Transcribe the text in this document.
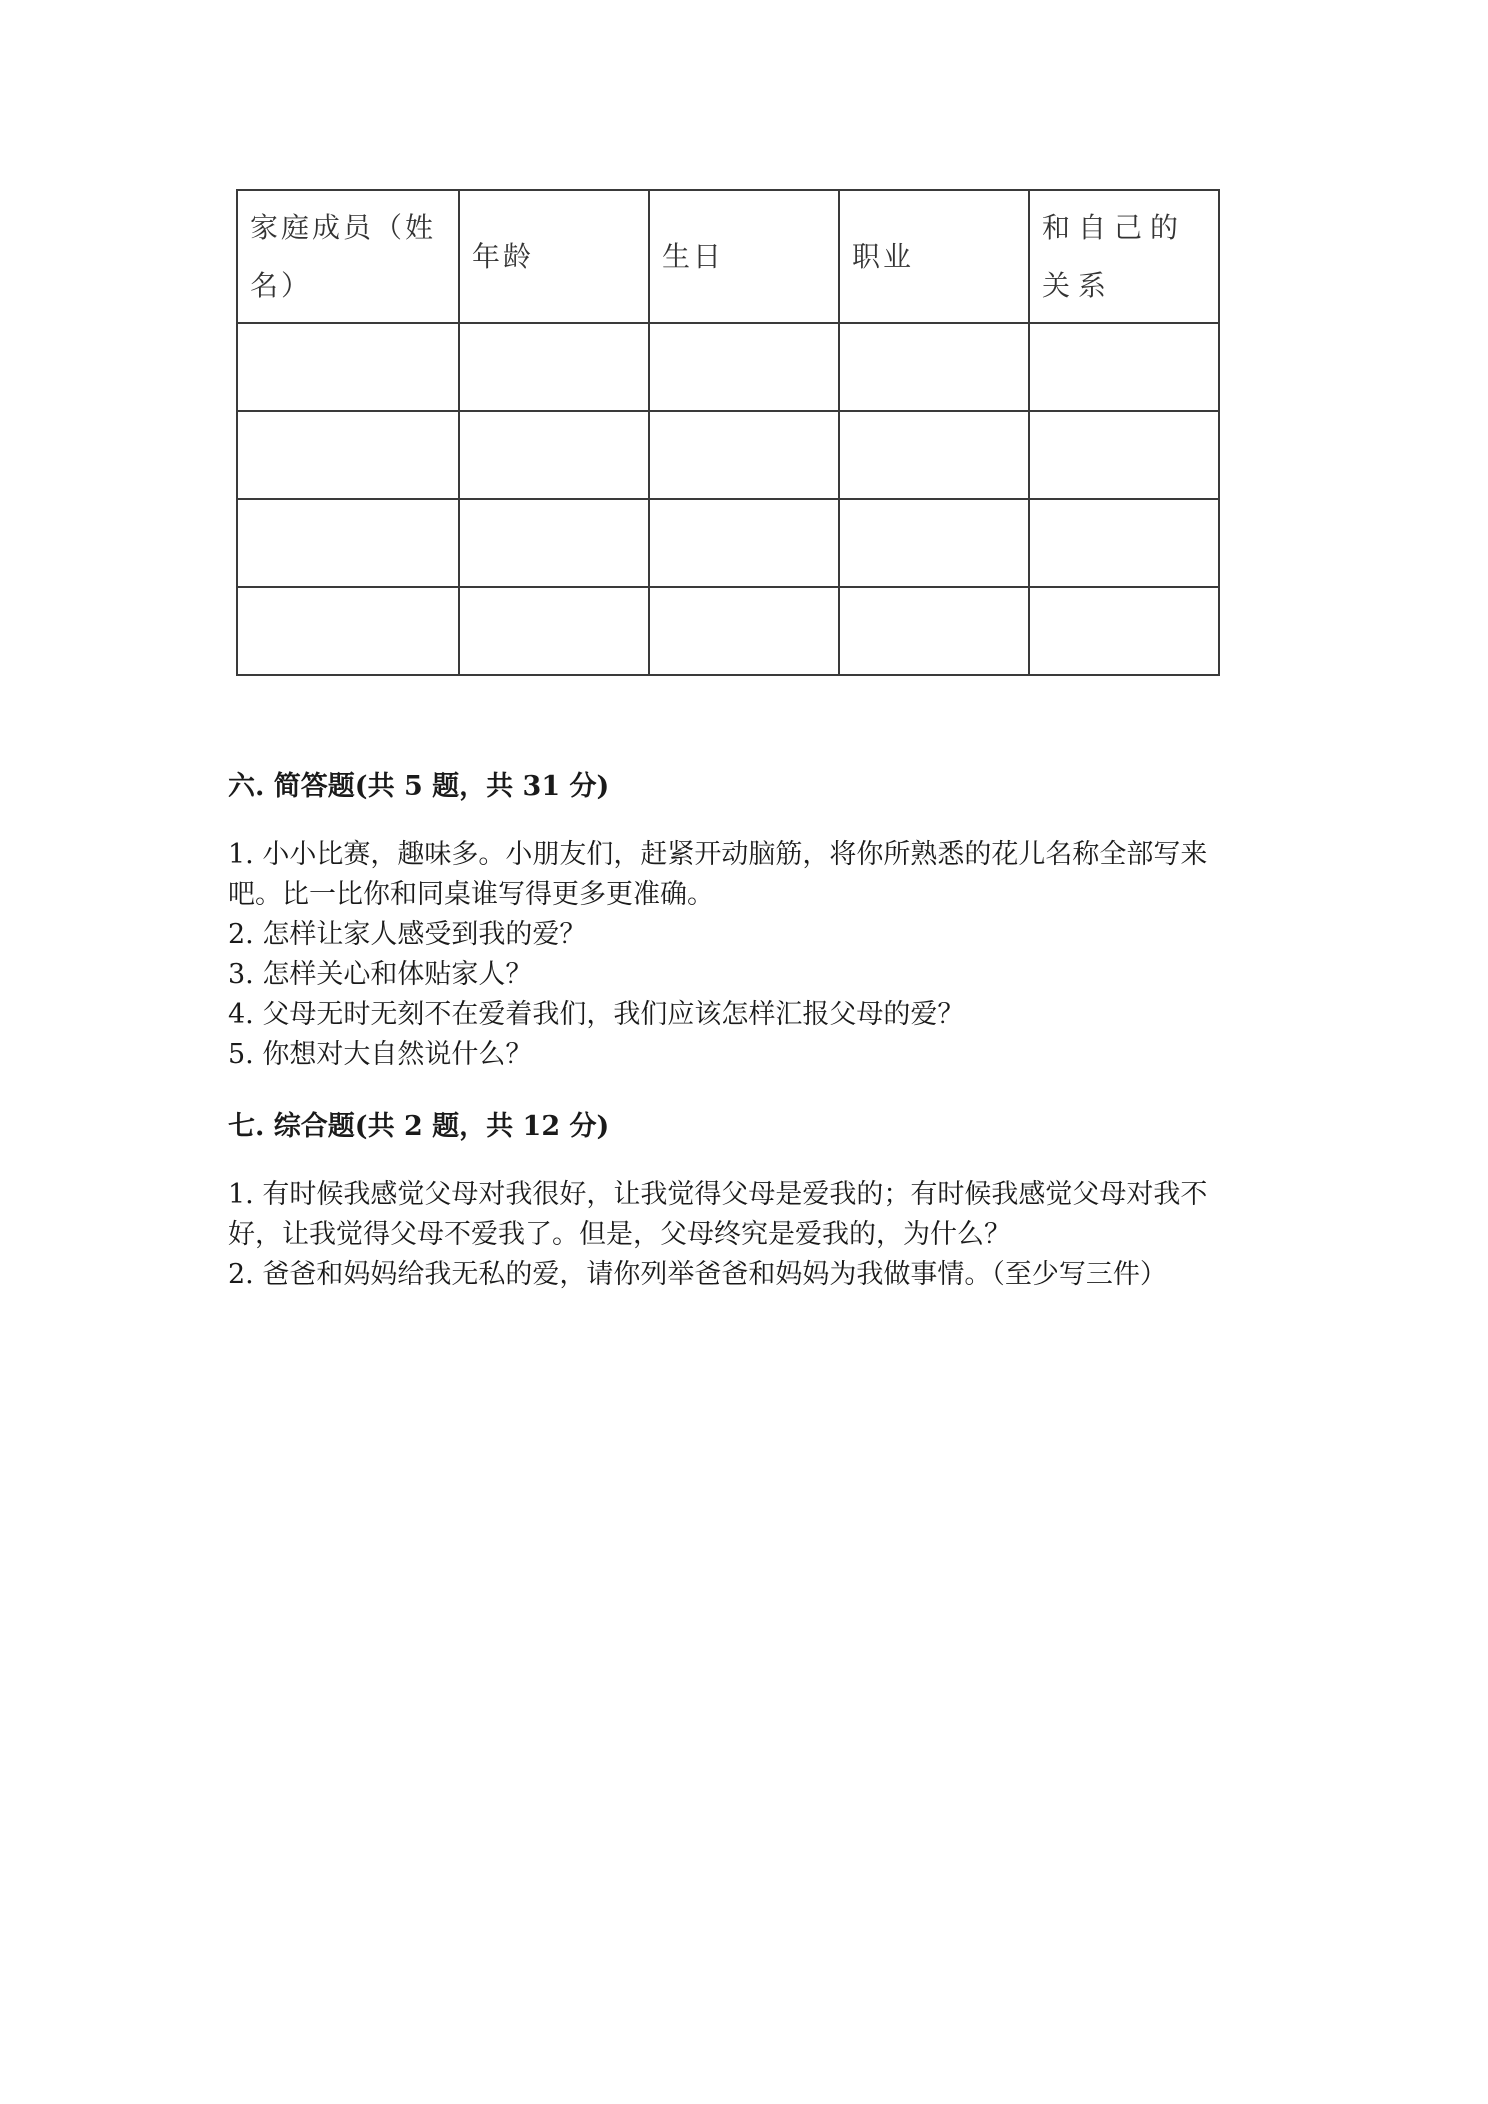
家庭成员（姓名）	年龄	生日	职业	和自己的关系

六. 简答题(共 5 题，共 31 分)

1. 小小比赛，趣味多。小朋友们，赶紧开动脑筋，将你所熟悉的花儿名称全部写来吧。比一比你和同桌谁写得更多更准确。

2. 怎样让家人感受到我的爱？

3. 怎样关心和体贴家人？

4. 父母无时无刻不在爱着我们，我们应该怎样汇报父母的爱？

5. 你想对大自然说什么？

七. 综合题(共 2 题，共 12 分)

1. 有时候我感觉父母对我很好，让我觉得父母是爱我的；有时候我感觉父母对我不好，让我觉得父母不爱我了。但是，父母终究是爱我的，为什么？

2. 爸爸和妈妈给我无私的爱，请你列举爸爸和妈妈为我做事情。（至少写三件）
